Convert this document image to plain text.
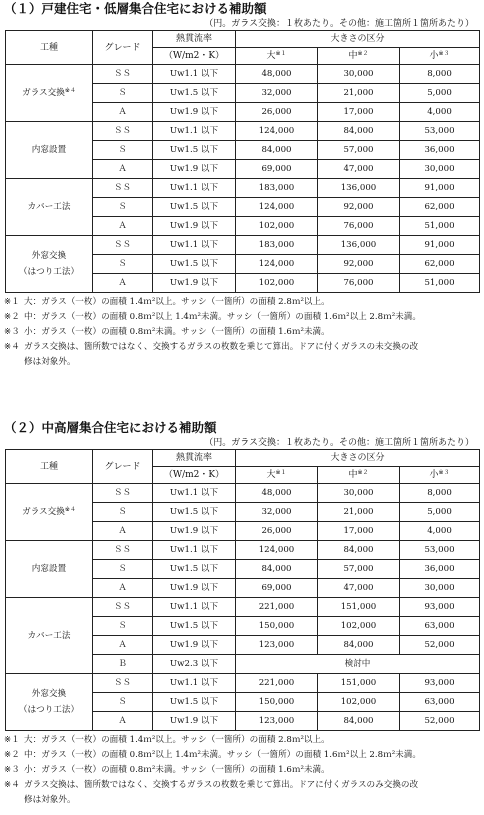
（１）戸建住宅・低層集合住宅における補助額
（円。ガラス交換：１枚あたり。その他：施工箇所１箇所あたり）
工種	グレード	熱貫流率	大きさの区分		
		（W/m2・K）	大$^{※1}$	中$^{※2}$	小$^{※3}$
ガラス交換$^{※4}$	ＳＳ	Uw1.1 以下	48,000	30,000	8,000
	Ｓ	Uw1.5 以下	32,000	21,000	5,000
	Ａ	Uw1.9 以下	26,000	17,000	4,000
内窓設置	ＳＳ	Uw1.1 以下	124,000	84,000	53,000
	Ｓ	Uw1.5 以下	84,000	57,000	36,000
	Ａ	Uw1.9 以下	69,000	47,000	30,000
カバー工法	ＳＳ	Uw1.1 以下	183,000	136,000	91,000
	Ｓ	Uw1.5 以下	124,000	92,000	62,000
	Ａ	Uw1.9 以下	102,000	76,000	51,000

外窓交換
（はつり工法）	ＳＳ	Uw1.1 以下	183,000	136,000	91,000
	Ｓ	Uw1.5 以下	124,000	92,000	62,000
	Ａ	Uw1.9 以下	102,000	76,000	51,000
※１ 大：ガラス（一枚）の面積 1.4ｍ²以上。サッシ（一箇所）の面積 2.8ｍ²以上。
※２ 中：ガラス（一枚）の面積 0.8ｍ²以上 1.4ｍ²未満。サッシ（一箇所）の面積 1.6ｍ²以上 2.8ｍ²未満。
※３ 小：ガラス（一枚）の面積 0.8ｍ²未満。サッシ（一箇所）の面積 1.6ｍ²未満。
※４ ガラス交換は、箇所数ではなく、交換するガラスの枚数を乗じて算出。ドアに付くガラスの未交換の改
修は対象外。
（２）中高層集合住宅における補助額
（円。ガラス交換：１枚あたり。その他：施工箇所１箇所あたり）
工種	グレード	熱貫流率	大きさの区分		
		（W/m2・K）	大$^{※1}$	中$^{※2}$	小$^{※3}$
ガラス交換$^{※4}$	ＳＳ	Uw1.1 以下	48,000	30,000	8,000
	Ｓ	Uw1.5 以下	32,000	21,000	5,000
	Ａ	Uw1.9 以下	26,000	17,000	4,000
内窓設置	ＳＳ	Uw1.1 以下	124,000	84,000	53,000
	Ｓ	Uw1.5 以下	84,000	57,000	36,000
	Ａ	Uw1.9 以下	69,000	47,000	30,000
カバー工法	ＳＳ	Uw1.1 以下	221,000	151,000	93,000
	Ｓ	Uw1.5 以下	150,000	102,000	63,000
	Ａ	Uw1.9 以下	123,000	84,000	52,000
	Ｂ	Uw2.3 以下	検討中		

外窓交換
（はつり工法）	ＳＳ	Uw1.1 以下	221,000	151,000	93,000
	Ｓ	Uw1.5 以下	150,000	102,000	63,000
	Ａ	Uw1.9 以下	123,000	84,000	52,000
※１ 大：ガラス（一枚）の面積 1.4ｍ²以上。サッシ（一箇所）の面積 2.8ｍ²以上。
※２ 中：ガラス（一枚）の面積 0.8ｍ²以上 1.4ｍ²未満。サッシ（一箇所）の面積 1.6ｍ²以上 2.8ｍ²未満。
※３ 小：ガラス（一枚）の面積 0.8ｍ²未満。サッシ（一箇所）の面積 1.6ｍ²未満。
※４ ガラス交換は、箇所数ではなく、交換するガラスの枚数を乗じて算出。ドアに付くガラスのみ交換の改
修は対象外。
